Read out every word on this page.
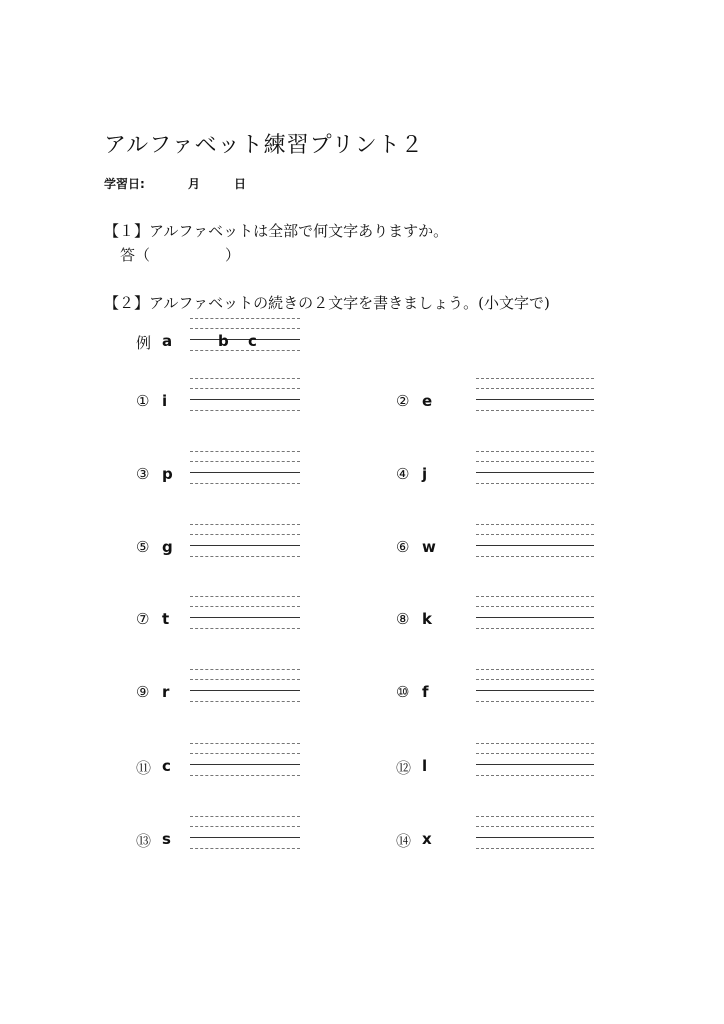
アルファベット練習プリント２
学習日:	月	日
【１】アルファベットは全部で何文字ありますか。
答（　　　　　）
【２】アルファベットの続きの２文字を書きましょう。(小文字で)
例 a	b c
① i	② e
③ p	④ j
⑤ g	⑥ w
⑦ t	⑧ k
⑨ r	⑩ f
⑪ c	⑫ l
⑬ s	⑭ x
